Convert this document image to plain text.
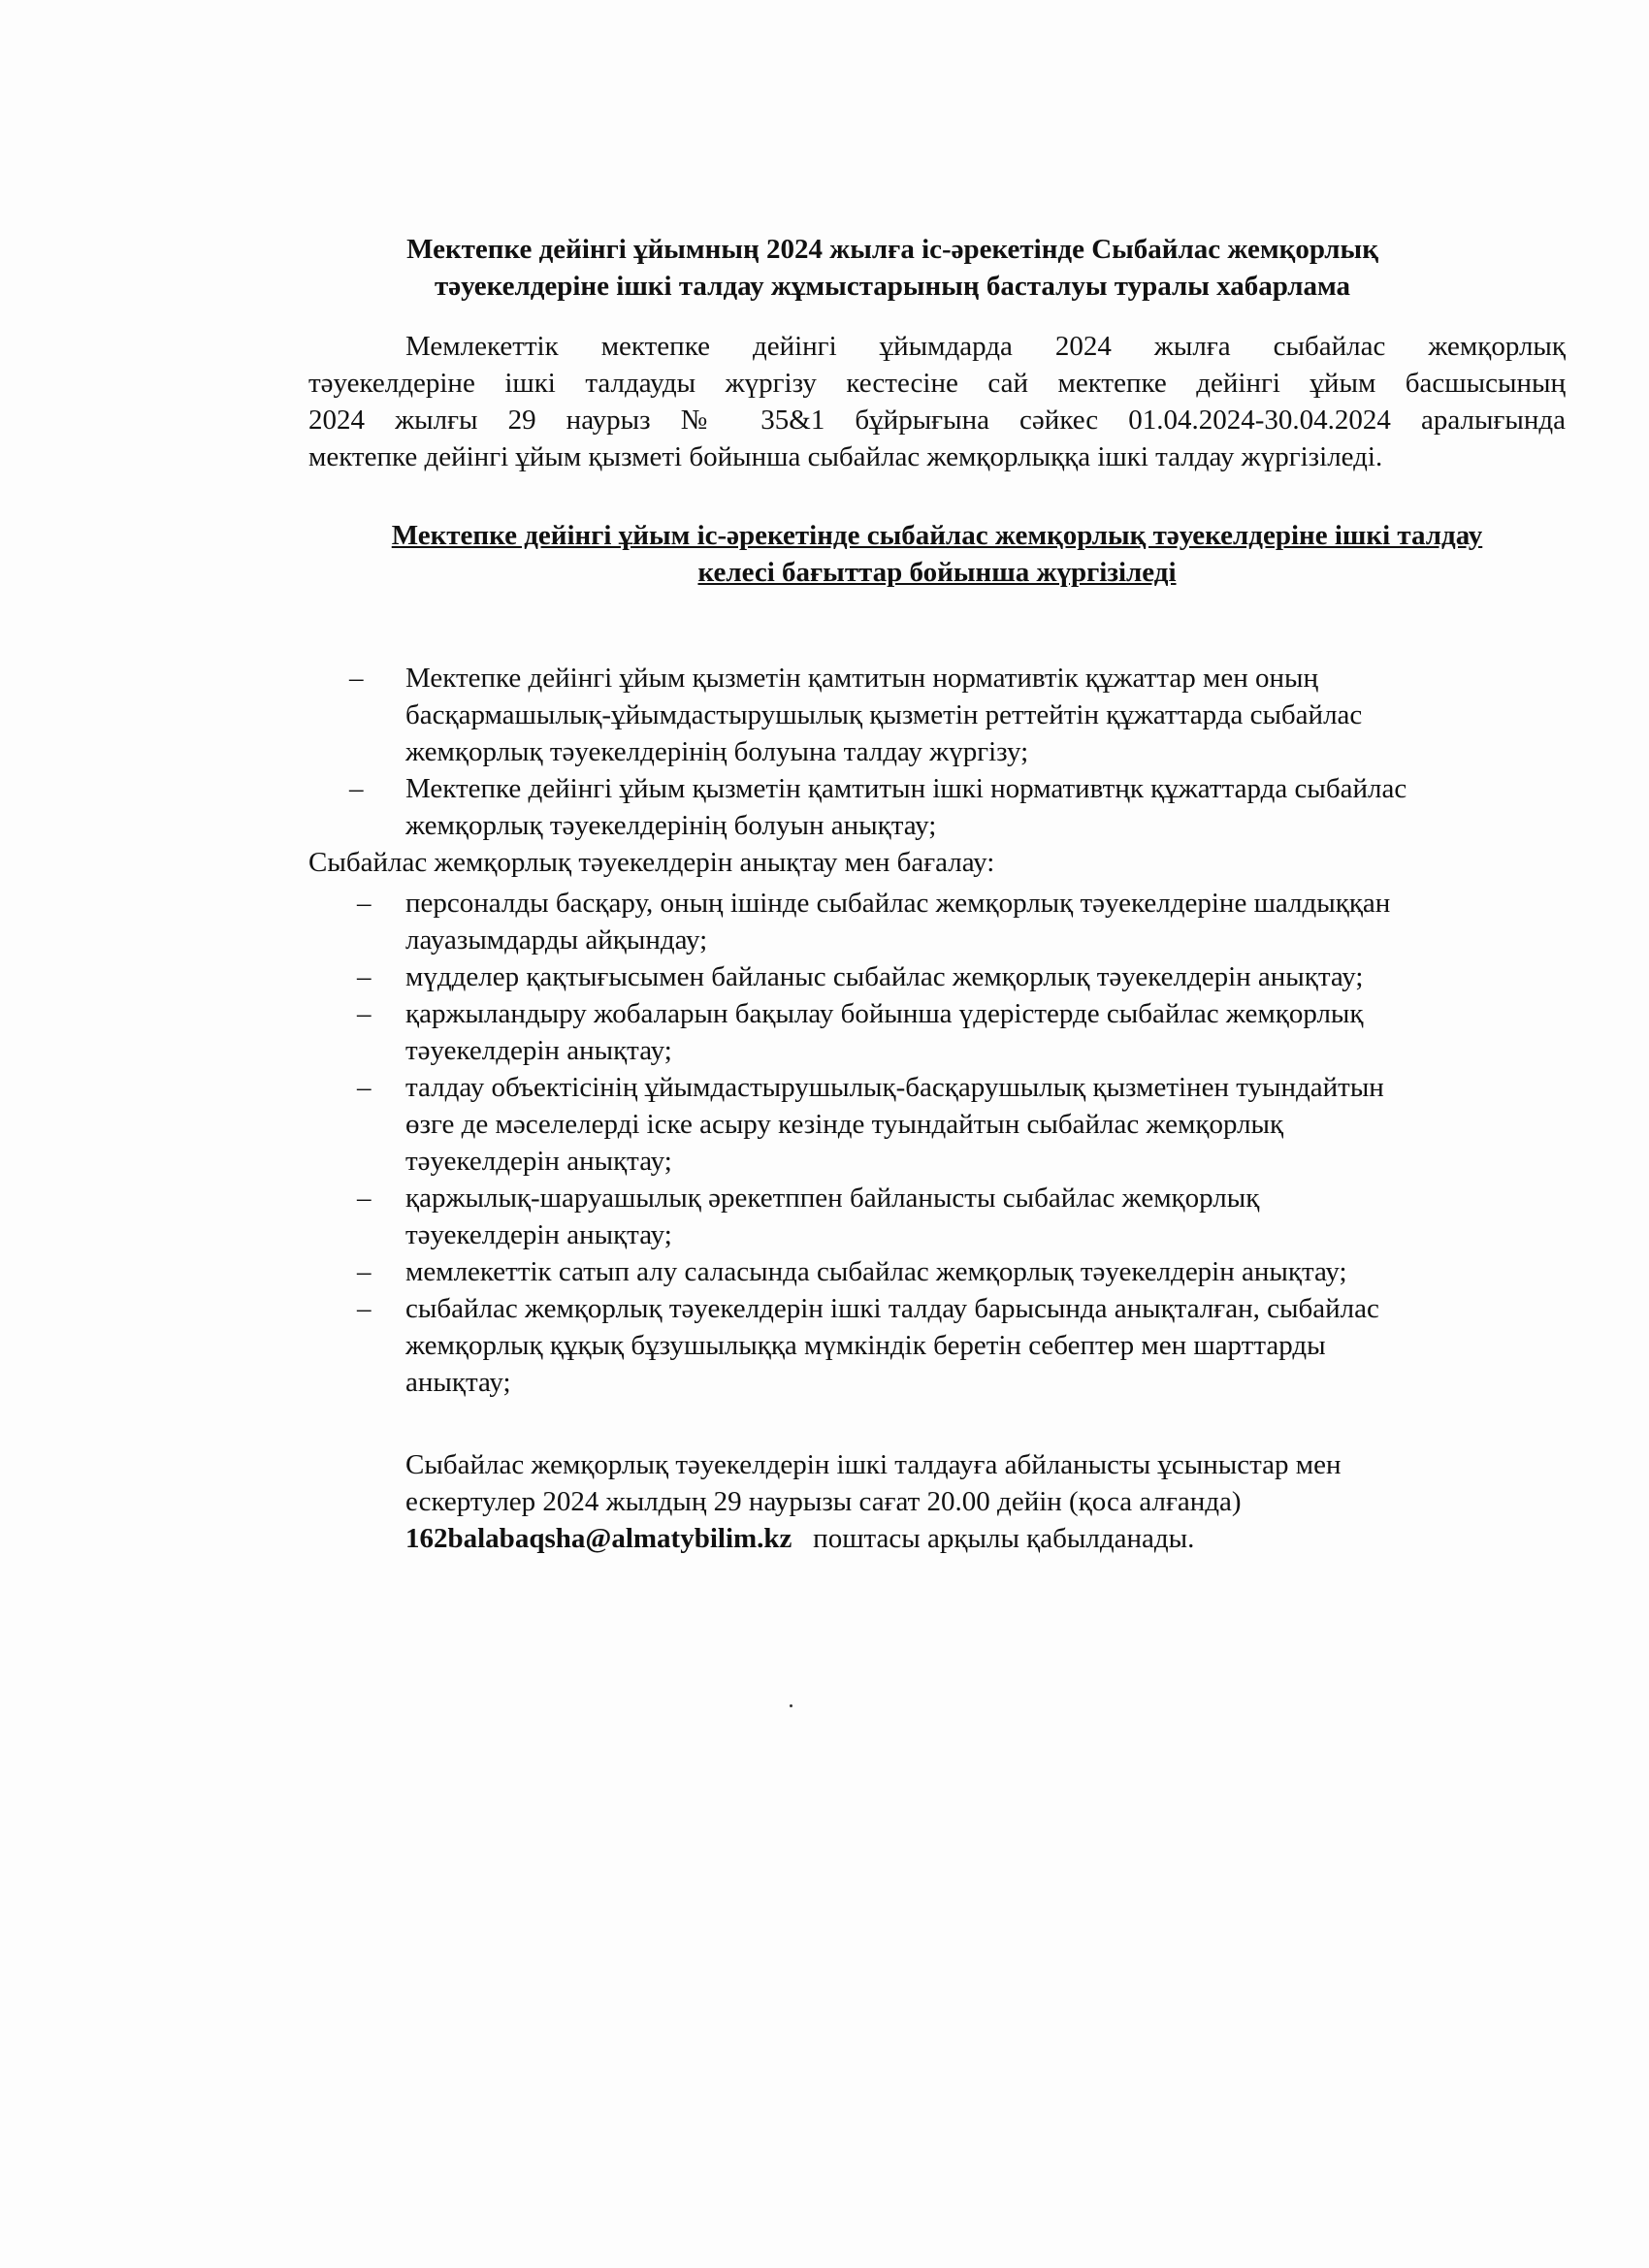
Мектепке дейінгі ұйымның 2024 жылға іс-әрекетінде Сыбайлас жемқорлық
тәуекелдеріне ішкі талдау жұмыстарының басталуы туралы хабарлама
Мемлекеттік мектепке дейінгі ұйымдарда 2024 жылға сыбайлас жемқорлық
тәуекелдеріне ішкі талдауды жүргізу кестесіне сай мектепке дейінгі ұйым басшысының
2024 жылғы 29 наурыз № 35&1 бұйрығына сәйкес 01.04.2024-30.04.2024 аралығында
мектепке дейінгі ұйым қызметі бойынша сыбайлас жемқорлыққа ішкі талдау жүргізіледі.
Мектепке дейінгі ұйым іс-әрекетінде сыбайлас жемқорлық тәуекелдеріне ішкі талдау
келесі бағыттар бойынша жүргізіледі
– Мектепке дейінгі ұйым қызметін қамтитын нормативтік құжаттар мен оның
басқармашылық-ұйымдастырушылық қызметін реттейтін құжаттарда сыбайлас
жемқорлық тәуекелдерінің болуына талдау жүргізу;
– Мектепке дейінгі ұйым қызметін қамтитын ішкі нормативтңк құжаттарда сыбайлас
жемқорлық тәуекелдерінің болуын анықтау;
Сыбайлас жемқорлық тәуекелдерін анықтау мен бағалау:
– персоналды басқару, оның ішінде сыбайлас жемқорлық тәуекелдеріне шалдыққан
лауазымдарды айқындау;
– мүдделер қақтығысымен байланыс сыбайлас жемқорлық тәуекелдерін анықтау;
– қаржыландыру жобаларын бақылау бойынша үдерістерде сыбайлас жемқорлық
тәуекелдерін анықтау;
– талдау объектісінің ұйымдастырушылық-басқарушылық қызметінен туындайтын
өзге де мәселелерді іске асыру кезінде туындайтын сыбайлас жемқорлық
тәуекелдерін анықтау;
– қаржылық-шаруашылық әрекетппен байланысты сыбайлас жемқорлық
тәуекелдерін анықтау;
– мемлекеттік сатып алу саласында сыбайлас жемқорлық тәуекелдерін анықтау;
– сыбайлас жемқорлық тәуекелдерін ішкі талдау барысында анықталған, сыбайлас
жемқорлық құқық бұзушылыққа мүмкіндік беретін себептер мен шарттарды
анықтау;
Сыбайлас жемқорлық тәуекелдерін ішкі талдауға абйланысты ұсыныстар мен
ескертулер 2024 жылдың 29 наурызы сағат 20.00 дейін (қоса алғанда)
162balabaqsha@almatybilim.kz   поштасы арқылы қабылданады.
